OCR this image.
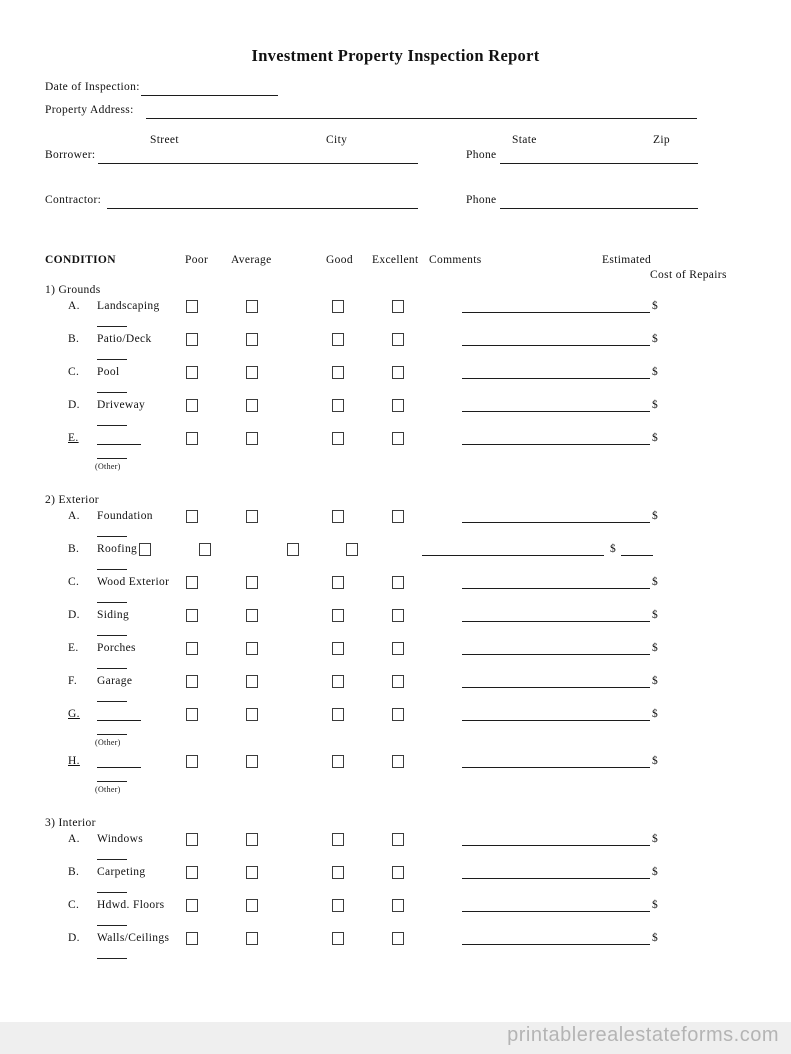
Investment Property Inspection Report
Date of Inspection:
Property Address:
Street	City	State	Zip
Borrower:	Phone
Contractor:	Phone
CONDITION	Poor Average	Good Excellent Comments	Estimated
Cost of Repairs
1) Grounds
A. Landscaping	$
B. Patio/Deck	$
C. Pool	$
D. Driveway	$
E.	$
(Other)
2) Exterior
A. Foundation	$
B. Roofing	$
C. Wood Exterior	$
D. Siding	$
E. Porches	$
F. Garage	$
G.	$
(Other)
H.	$
(Other)
3) Interior
A. Windows	$
B. Carpeting	$
C. Hdwd. Floors	$
D. Walls/Ceilings	$
printablerealestateforms.com
